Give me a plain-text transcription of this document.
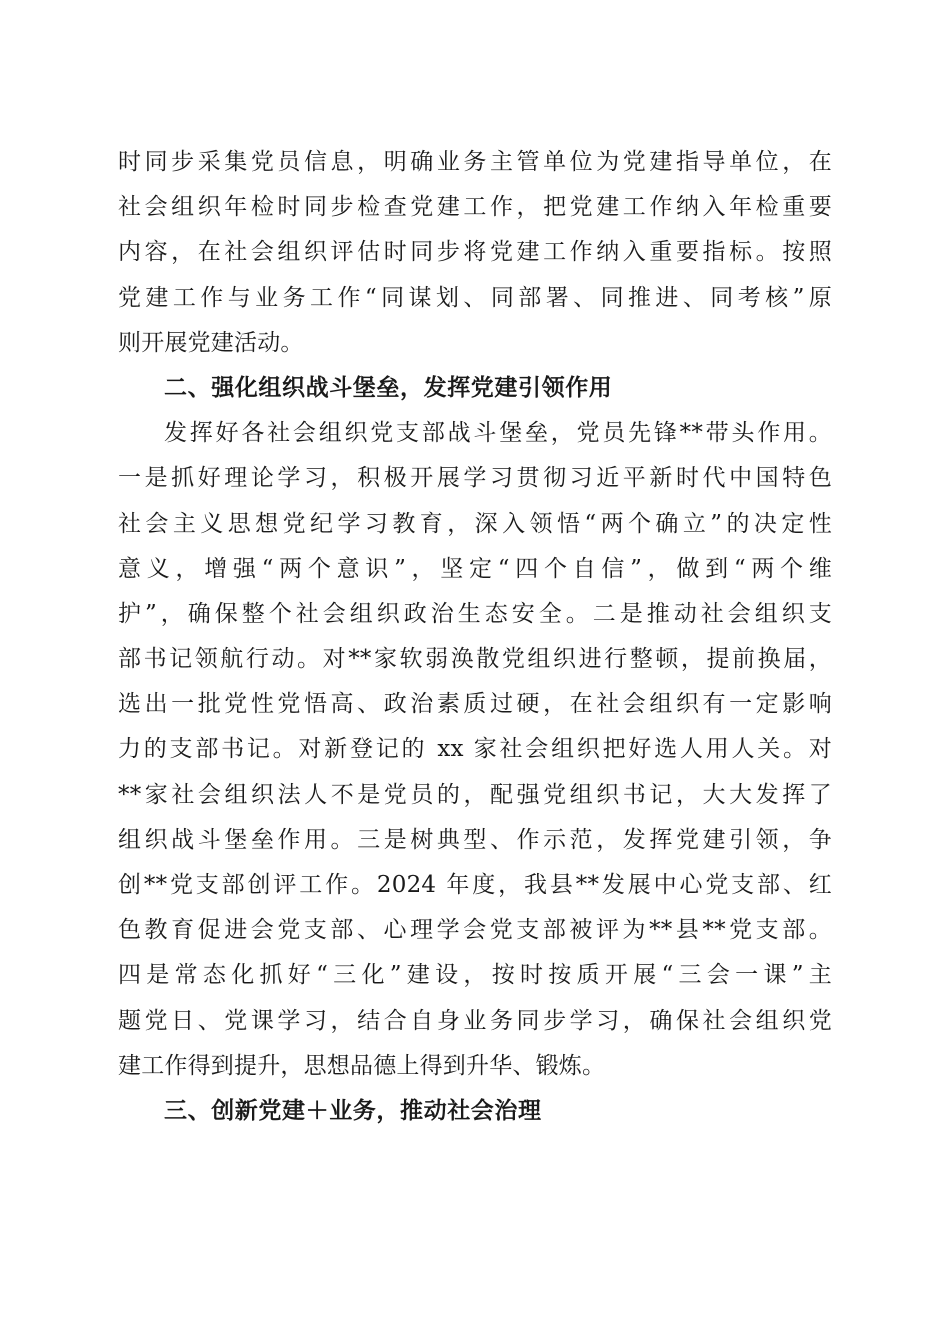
时同步采集党员信息，明确业务主管单位为党建指导单位，在
社会组织年检时同步检查党建工作，把党建工作纳入年检重要
内容，在社会组织评估时同步将党建工作纳入重要指标。按照
党建工作与业务工作“同谋划、同部署、同推进、同考核”原
则开展党建活动。
二、强化组织战斗堡垒，发挥党建引领作用
发挥好各社会组织党支部战斗堡垒，党员先锋**带头作用。
一是抓好理论学习，积极开展学习贯彻习近平新时代中国特色
社会主义思想党纪学习教育，深入领悟“两个确立”的决定性
意义，增强“两个意识”，坚定“四个自信”，做到“两个维
护”，确保整个社会组织政治生态安全。二是推动社会组织支
部书记领航行动。对**家软弱涣散党组织进行整顿，提前换届，
选出一批党性党悟高、政治素质过硬，在社会组织有一定影响
力的支部书记。对新登记的 xx 家社会组织把好选人用人关。对
**家社会组织法人不是党员的，配强党组织书记，大大发挥了
组织战斗堡垒作用。三是树典型、作示范，发挥党建引领，争
创**党支部创评工作。2024 年度，我县**发展中心党支部、红
色教育促进会党支部、心理学会党支部被评为**县**党支部。
四是常态化抓好“三化”建设，按时按质开展“三会一课”主
题党日、党课学习，结合自身业务同步学习，确保社会组织党
建工作得到提升，思想品德上得到升华、锻炼。
三、创新党建＋业务，推动社会治理
